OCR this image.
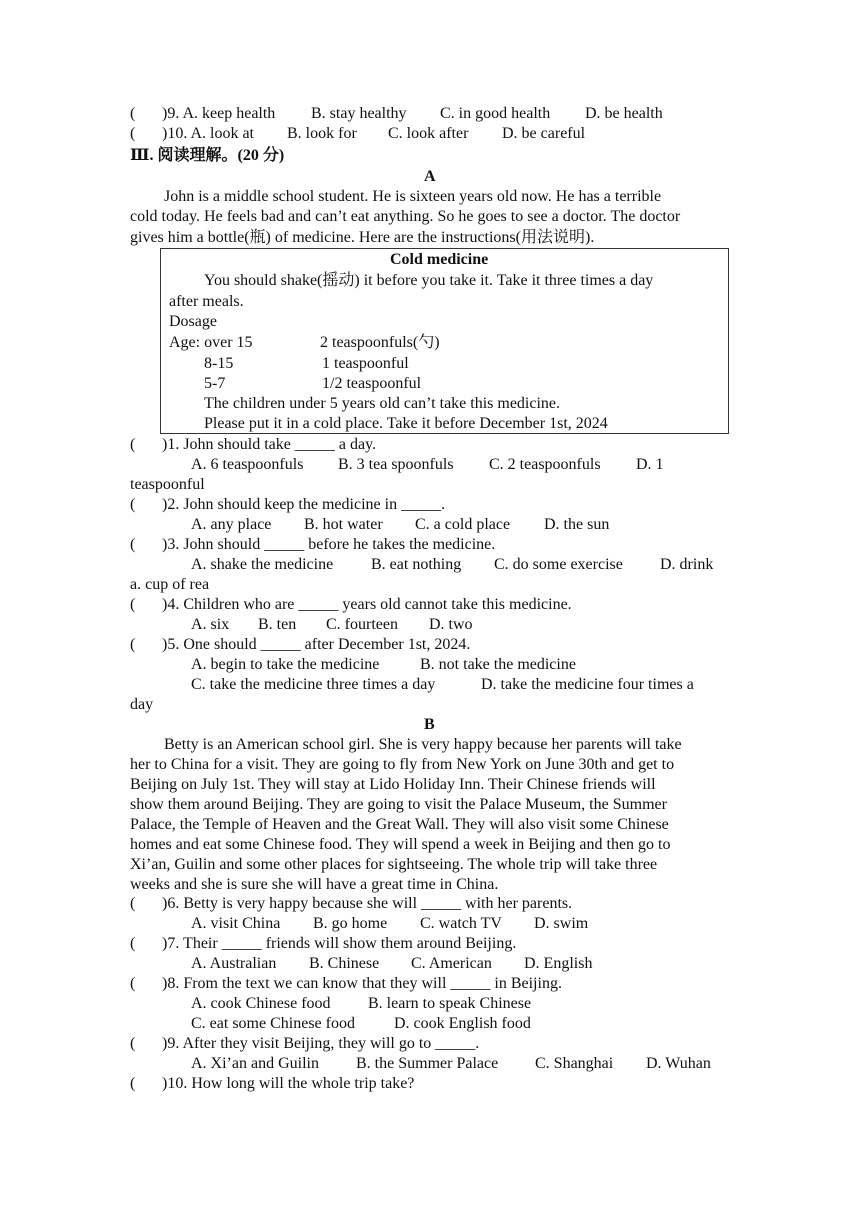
( )9. A. keep health B. stay healthy C. in good health D. be health
( )10. A. look at B. look for C. look after D. be careful
Ⅲ. 阅读理解。(20 分)
A
John is a middle school student. He is sixteen years old now. He has a terrible
cold today. He feels bad and can’t eat anything. So he goes to see a doctor. The doctor
gives him a bottle(瓶) of medicine. Here are the instructions(用法说明).
Cold medicine
You should shake(摇动) it before you take it. Take it three times a day
after meals.
Dosage
Age: over 15	2 teaspoonfuls(勺)
8-15	1 teaspoonful
5-7	1/2 teaspoonful
The children under 5 years old can’t take this medicine.
Please put it in a cold place. Take it before December 1st, 2024
( )1. John should take _____ a day.
A. 6 teaspoonfuls B. 3 tea spoonfuls C. 2 teaspoonfuls D. 1
teaspoonful
( )2. John should keep the medicine in _____.
A. any place B. hot water C. a cold place D. the sun
( )3. John should _____ before he takes the medicine.
A. shake the medicine B. eat nothing C. do some exercise D. drink
a. cup of rea
( )4. Children who are _____ years old cannot take this medicine.
A. six B. ten C. fourteen D. two
( )5. One should _____ after December 1st, 2024.
A. begin to take the medicine	B. not take the medicine
C. take the medicine three times a day	D. take the medicine four times a
day
B
Betty is an American school girl. She is very happy because her parents will take
her to China for a visit. They are going to fly from New York on June 30th and get to
Beijing on July 1st. They will stay at Lido Holiday Inn. Their Chinese friends will
show them around Beijing. They are going to visit the Palace Museum, the Summer
Palace, the Temple of Heaven and the Great Wall. They will also visit some Chinese
homes and eat some Chinese food. They will spend a week in Beijing and then go to
Xi’an, Guilin and some other places for sightseeing. The whole trip will take three
weeks and she is sure she will have a great time in China.
( )6. Betty is very happy because she will _____ with her parents.
A. visit China B. go home C. watch TV D. swim
( )7. Their _____ friends will show them around Beijing.
A. Australian B. Chinese C. American D. English
( )8. From the text we can know that they will _____ in Beijing.
A. cook Chinese food B. learn to speak Chinese
C. eat some Chinese food D. cook English food
( )9. After they visit Beijing, they will go to _____.
A. Xi’an and Guilin B. the Summer Palace C. Shanghai D. Wuhan
( )10. How long will the whole trip take?
